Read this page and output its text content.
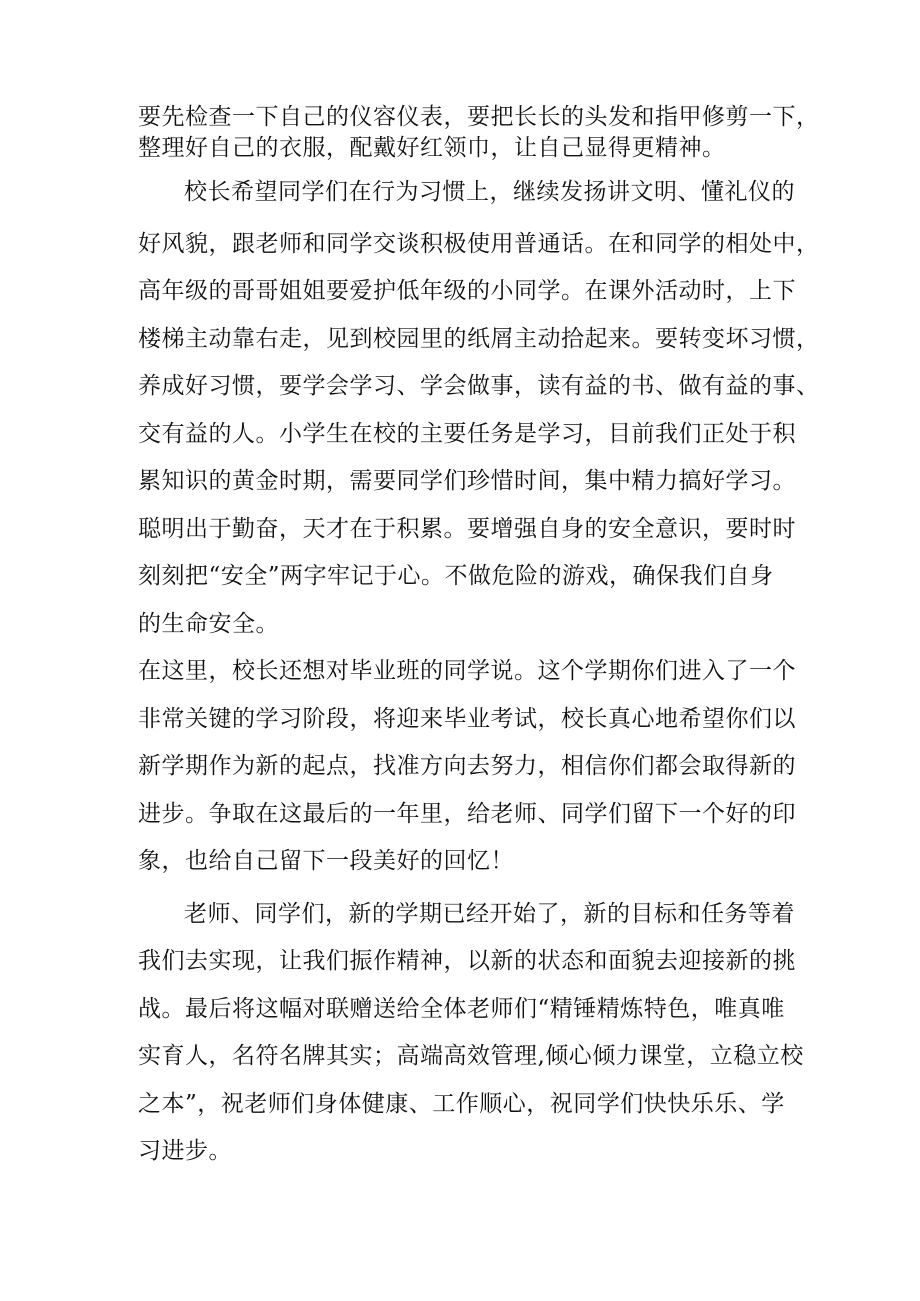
要先检查一下自己的仪容仪表，要把长长的头发和指甲修剪一下，
整理好自己的衣服，配戴好红领巾，让自己显得更精神。
校长希望同学们在行为习惯上，继续发扬讲文明、懂礼仪的
好风貌，跟老师和同学交谈积极使用普通话。在和同学的相处中，
高年级的哥哥姐姐要爱护低年级的小同学。在课外活动时，上下
楼梯主动靠右走，见到校园里的纸屑主动拾起来。要转变坏习惯，
养成好习惯，要学会学习、学会做事，读有益的书、做有益的事、
交有益的人。小学生在校的主要任务是学习，目前我们正处于积
累知识的黄金时期，需要同学们珍惜时间，集中精力搞好学习。
聪明出于勤奋，天才在于积累。要增强自身的安全意识，要时时
刻刻把“安全”两字牢记于心。不做危险的游戏，确保我们自身
的生命安全。
在这里，校长还想对毕业班的同学说。这个学期你们进入了一个
非常关键的学习阶段，将迎来毕业考试，校长真心地希望你们以
新学期作为新的起点，找准方向去努力，相信你们都会取得新的
进步。争取在这最后的一年里，给老师、同学们留下一个好的印
象，也给自己留下一段美好的回忆！
老师、同学们，新的学期已经开始了，新的目标和任务等着
我们去实现，让我们振作精神，以新的状态和面貌去迎接新的挑
战。最后将这幅对联赠送给全体老师们“精锤精炼特色，唯真唯
实育人，名符名牌其实；高端高效管理,倾心倾力课堂，立稳立校
之本”，祝老师们身体健康、工作顺心，祝同学们快快乐乐、学
习进步。
